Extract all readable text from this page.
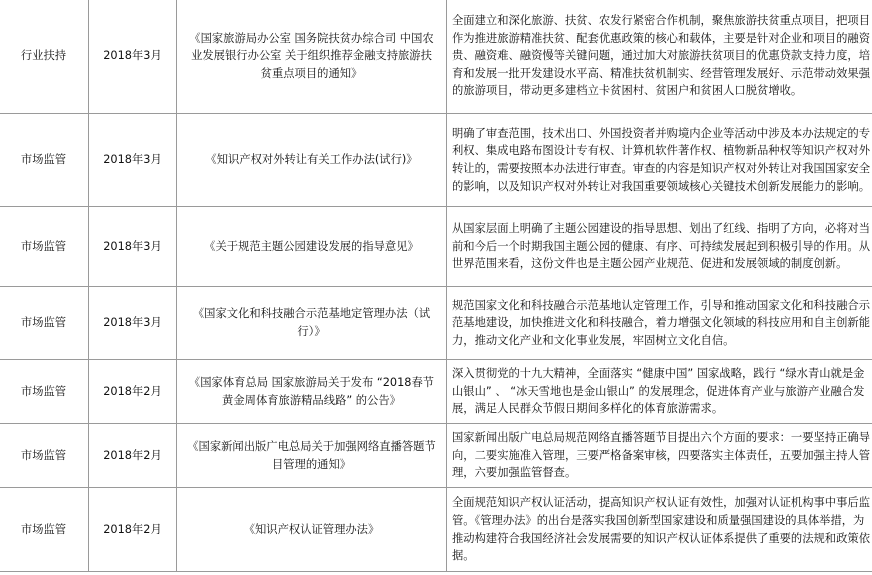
行业扶持	2018年3月	《国家旅游局办公室 国务院扶贫办综合司 中国农业发展银行办公室 关于组织推荐金融支持旅游扶贫重点项目的通知》	全面建立和深化旅游、扶贫、农发行紧密合作机制，聚焦旅游扶贫重点项目，把项目作为推进旅游精准扶贫、配套优惠政策的核心和载体，主要是针对企业和项目的融资贵、融资难、融资慢等关键问题，通过加大对旅游扶贫项目的优惠贷款支持力度，培育和发展一批开发建设水平高、精准扶贫机制实、经营管理发展好、示范带动效果强的旅游项目，带动更多建档立卡贫困村、贫困户和贫困人口脱贫增收。

市场监管	2018年3月	《知识产权对外转让有关工作办法(试行)》	明确了审查范围，技术出口、外国投资者并购境内企业等活动中涉及本办法规定的专利权、集成电路布图设计专有权、计算机软件著作权、植物新品种权等知识产权对外转让的，需要按照本办法进行审查。审查的内容是知识产权对外转让对我国国家安全的影响，以及知识产权对外转让对我国重要领域核心关键技术创新发展能力的影响。

市场监管	2018年3月	《关于规范主题公园建设发展的指导意见》	从国家层面上明确了主题公园建设的指导思想、划出了红线、指明了方向，必将对当前和今后一个时期我国主题公园的健康、有序、可持续发展起到积极引导的作用。从世界范围来看，这份文件也是主题公园产业规范、促进和发展领域的制度创新。

市场监管	2018年3月	《国家文化和科技融合示范基地定管理办法（试行）》	规范国家文化和科技融合示范基地认定管理工作，引导和推动国家文化和科技融合示范基地建设，加快推进文化和科技融合，着力增强文化领域的科技应用和自主创新能力，推动文化产业和文化事业发展，牢固树立文化自信。

市场监管	2018年2月	《国家体育总局 国家旅游局关于发布 “2018春节黄金周体育旅游精品线路” 的公告》	深入贯彻党的十九大精神，全面落实 “健康中国” 国家战略，践行 “绿水青山就是金山银山” 、 “冰天雪地也是金山银山” 的发展理念，促进体育产业与旅游产业融合发展，满足人民群众节假日期间多样化的体育旅游需求。

市场监管	2018年2月	《国家新闻出版广电总局关于加强网络直播答题节目管理的通知》	国家新闻出版广电总局规范网络直播答题节目提出六个方面的要求：一要坚持正确导向，二要实施准入管理，三要严格备案审核，四要落实主体责任，五要加强主持人管理，六要加强监管督查。

市场监管	2018年2月	《知识产权认证管理办法》	全面规范知识产权认证活动，提高知识产权认证有效性，加强对认证机构事中事后监管。《管理办法》的出台是落实我国创新型国家建设和质量强国建设的具体举措，为推动构建符合我国经济社会发展需要的知识产权认证体系提供了重要的法规和政策依据。
